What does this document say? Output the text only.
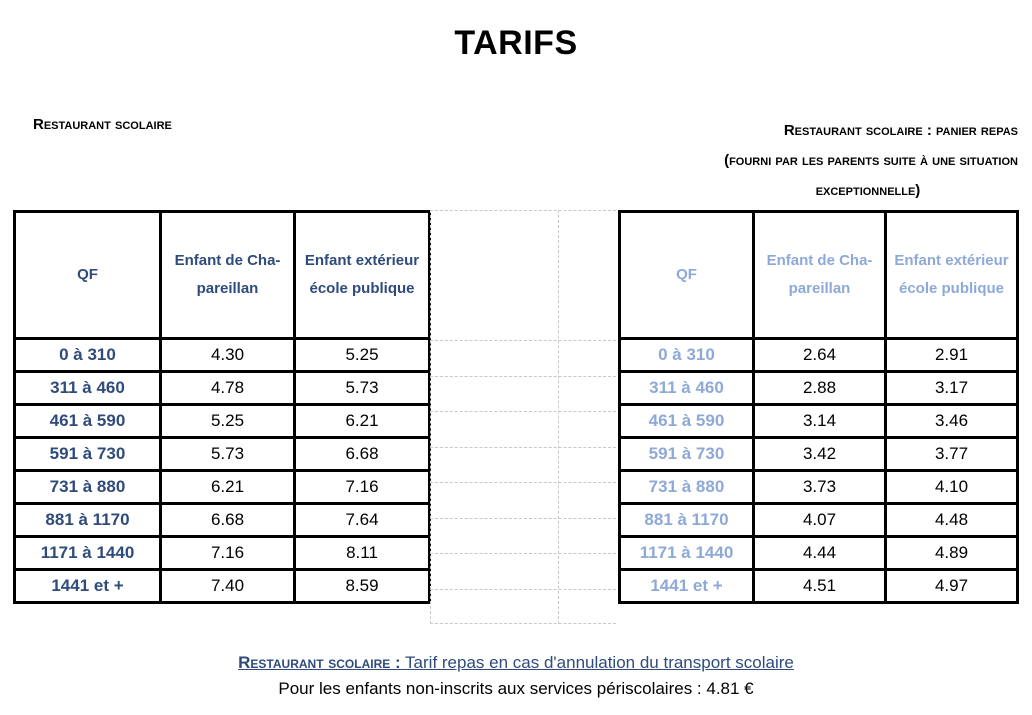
TARIFS
Restaurant scolaire	Restaurant scolaire : panier repas
(fourni par les parents suite à une situation
exceptionnelle)
QF	Enfant de Cha-pareillan	Enfant extérieur école publique
0 à 310	4.30	5.25
311 à 460	4.78	5.73
461 à 590	5.25	6.21
591 à 730	5.73	6.68
731 à 880	6.21	7.16
881 à 1170	6.68	7.64
1171 à 1440	7.16	8.11
1441 et +	7.40	8.59
QF	Enfant de Cha-pareillan	Enfant extérieur école publique
0 à 310	2.64	2.91
311 à 460	2.88	3.17
461 à 590	3.14	3.46
591 à 730	3.42	3.77
731 à 880	3.73	4.10
881 à 1170	4.07	4.48
1171 à 1440	4.44	4.89
1441 et +	4.51	4.97
Restaurant scolaire : Tarif repas en cas d'annulation du transport scolaire
Pour les enfants non-inscrits aux services périscolaires : 4.81 €
